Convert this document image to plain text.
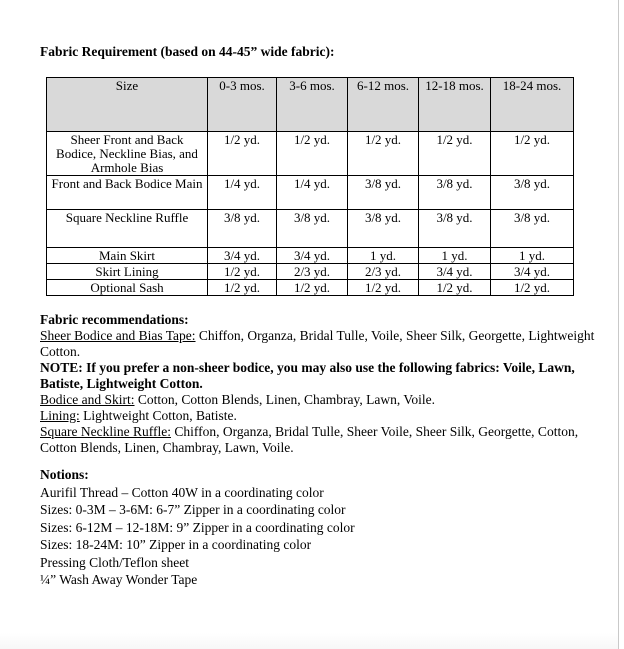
Fabric Requirement (based on 44-45” wide fabric):

Size	0-3 mos.	3-6 mos.	6-12 mos.	12-18 mos.	18-24 mos.
Sheer Front and Back Bodice, Neckline Bias, and Armhole Bias	1/2 yd.	1/2 yd.	1/2 yd.	1/2 yd.	1/2 yd.
Front and Back Bodice Main	1/4 yd.	1/4 yd.	3/8 yd.	3/8 yd.	3/8 yd.
Square Neckline Ruffle	3/8 yd.	3/8 yd.	3/8 yd.	3/8 yd.	3/8 yd.
Main Skirt	3/4 yd.	3/4 yd.	1 yd.	1 yd.	1 yd.
Skirt Lining	1/2 yd.	2/3 yd.	2/3 yd.	3/4 yd.	3/4 yd.
Optional Sash	1/2 yd.	1/2 yd.	1/2 yd.	1/2 yd.	1/2 yd.

Fabric recommendations:

Sheer Bodice and Bias Tape: Chiffon, Organza, Bridal Tulle, Voile, Sheer Silk, Georgette, Lightweight Cotton.

NOTE: If you prefer a non-sheer bodice, you may also use the following fabrics: Voile, Lawn, Batiste, Lightweight Cotton.

Bodice and Skirt: Cotton, Cotton Blends, Linen, Chambray, Lawn, Voile.

Lining: Lightweight Cotton, Batiste.

Square Neckline Ruffle: Chiffon, Organza, Bridal Tulle, Sheer Voile, Sheer Silk, Georgette, Cotton, Cotton Blends, Linen, Chambray, Lawn, Voile.

Notions:

Aurifil Thread – Cotton 40W in a coordinating color

Sizes: 0-3M – 3-6M: 6-7” Zipper in a coordinating color

Sizes: 6-12M – 12-18M: 9” Zipper in a coordinating color

Sizes: 18-24M: 10” Zipper in a coordinating color

Pressing Cloth/Teflon sheet

¼” Wash Away Wonder Tape
